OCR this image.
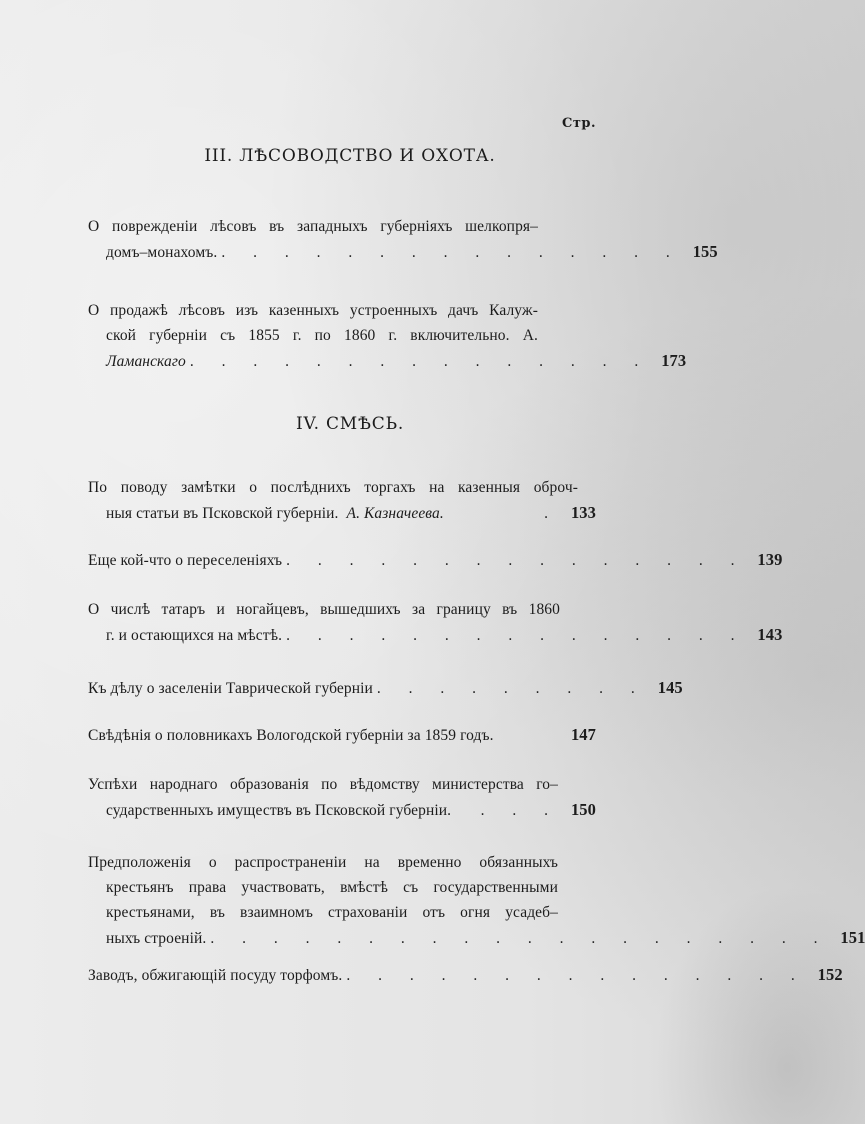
Стр.
III. ЛѢСОВОДСТВО И ОХОТА.
О поврежденіи лѣсовъ въ западныхъ губерніяхъ шелкопря–
домъ–монахомъ. . . . . . . . . . . . . . . . 155
О продажѣ лѣсовъ изъ казенныхъ устроенныхъ дачъ Калуж-
ской губерніи съ 1855 г. по 1860 г. включительно. А.
Ламанскаго . . . . . . . . . . . . . . . 173
IV. СМѢСЬ.
По поводу замѣтки о послѣднихъ торгахъ на казенныя оброч-
ныя статьи въ Псковской губерніи. А. Казначеева.	. 133
Еще кой-что о переселеніяхъ . . . . . . . . . . . . . . . 139
О числѣ татаръ и ногайцевъ, вышедшихъ за границу въ 1860
г. и остающихся на мѣстѣ. . . . . . . . . . . . . . . . 143
Къ дѣлу о заселеніи Таврической губерніи . . . . . . . . . 145
Свѣдѣнія о половникахъ Вологодской губерніи за 1859 годъ.	147
Успѣхи народнаго образованія по вѣдомству министерства го–
сударственныхъ имуществъ въ Псковской губерніи.	. . . 150
Предположенія о распространеніи на временно обязанныхъ
крестьянъ права участвовать, вмѣстѣ съ государственными
крестьянами, въ взаимномъ страхованіи отъ огня усадеб–
ныхъ строеній. . . . . . . . . . . . . . . . . . . . . 151
Заводъ, обжигающій посуду торфомъ. . . . . . . . . . . . . . . . 152
